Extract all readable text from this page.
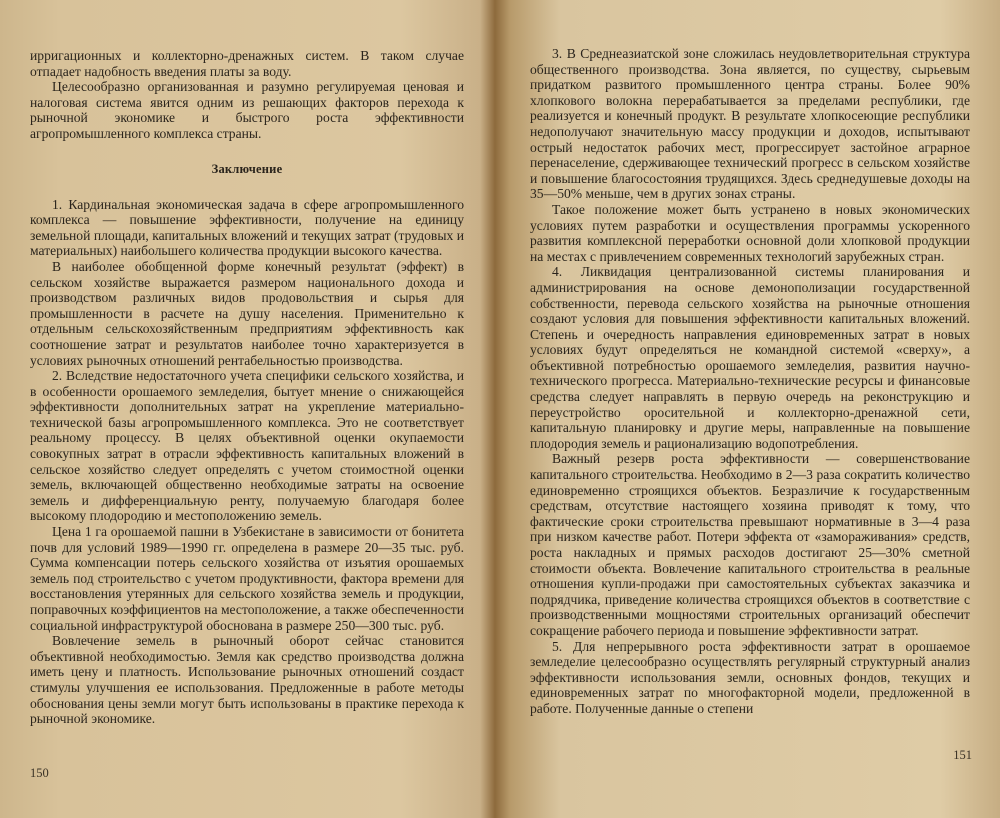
ирригационных и коллекторно-дренажных систем. В таком случае отпадает надобность введения платы за воду.

Целесообразно организованная и разумно регулируемая ценовая и налоговая система явится одним из решающих факторов перехода к рыночной экономике и быстрого роста эффективности агропромышленного комплекса страны.

Заключение

1. Кардинальная экономическая задача в сфере агропромышленного комплекса — повышение эффективности, получение на единицу земельной площади, капитальных вложений и текущих затрат (трудовых и материальных) наибольшего количества продукции высокого качества.

В наиболее обобщенной форме конечный результат (эффект) в сельском хозяйстве выражается размером национального дохода и производством различных видов продовольствия и сырья для промышленности в расчете на душу населения. Применительно к отдельным сельскохозяйственным предприятиям эффективность как соотношение затрат и результатов наиболее точно характеризуется в условиях рыночных отношений рентабельностью производства.

2. Вследствие недостаточного учета специфики сельского хозяйства, и в особенности орошаемого земледелия, бытует мнение о снижающейся эффективности дополнительных затрат на укрепление материально-технической базы агропромышленного комплекса. Это не соответствует реальному процессу. В целях объективной оценки окупаемости совокупных затрат в отрасли эффективность капитальных вложений в сельское хозяйство следует определять с учетом стоимостной оценки земель, включающей общественно необходимые затраты на освоение земель и дифференциальную ренту, получаемую благодаря более высокому плодородию и местоположению земель.

Цена 1 га орошаемой пашни в Узбекистане в зависимости от бонитета почв для условий 1989—1990 гг. определена в размере 20—35 тыс. руб. Сумма компенсации потерь сельского хозяйства от изъятия орошаемых земель под строительство с учетом продуктивности, фактора времени для восстановления утерянных для сельского хозяйства земель и продукции, поправочных коэффициентов на местоположение, а также обеспеченности социальной инфраструктурой обоснована в размере 250—300 тыс. руб.

Вовлечение земель в рыночный оборот сейчас становится объективной необходимостью. Земля как средство производства должна иметь цену и платность. Использование рыночных отношений создаст стимулы улучшения ее использования. Предложенные в работе методы обоснования цены земли могут быть использованы в практике перехода к рыночной экономике.

150

3. В Среднеазиатской зоне сложилась неудовлетворительная структура общественного производства. Зона является, по существу, сырьевым придатком развитого промышленного центра страны. Более 90% хлопкового волокна перерабатывается за пределами республики, где реализуется и конечный продукт. В результате хлопкосеющие республики недополучают значительную массу продукции и доходов, испытывают острый недостаток рабочих мест, прогрессирует застойное аграрное перенаселение, сдерживающее технический прогресс в сельском хозяйстве и повышение благосостояния трудящихся. Здесь среднедушевые доходы на 35—50% меньше, чем в других зонах страны.

Такое положение может быть устранено в новых экономических условиях путем разработки и осуществления программы ускоренного развития комплексной переработки основной доли хлопковой продукции на местах с привлечением современных технологий зарубежных стран.

4. Ликвидация централизованной системы планирования и администрирования на основе демонополизации государственной собственности, перевода сельского хозяйства на рыночные отношения создают условия для повышения эффективности капитальных вложений. Степень и очередность направления единовременных затрат в новых условиях будут определяться не командной системой «сверху», а объективной потребностью орошаемого земледелия, развития научно-технического прогресса. Материально-технические ресурсы и финансовые средства следует направлять в первую очередь на реконструкцию и переустройство оросительной и коллекторно-дренажной сети, капитальную планировку и другие меры, направленные на повышение плодородия земель и рационализацию водопотребления.

Важный резерв роста эффективности — совершенствование капитального строительства. Необходимо в 2—3 раза сократить количество единовременно строящихся объектов. Безразличие к государственным средствам, отсутствие настоящего хозяина приводят к тому, что фактические сроки строительства превышают нормативные в 3—4 раза при низком качестве работ. Потери эффекта от «замораживания» средств, роста накладных и прямых расходов достигают 25—30% сметной стоимости объекта. Вовлечение капитального строительства в реальные отношения купли-продажи при самостоятельных субъектах заказчика и подрядчика, приведение количества строящихся объектов в соответствие с производственными мощностями строительных организаций обеспечит сокращение рабочего периода и повышение эффективности затрат.

5. Для непрерывного роста эффективности затрат в орошаемое земледелие целесообразно осуществлять регулярный структурный анализ эффективности использования земли, основных фондов, текущих и единовременных затрат по многофакторной модели, предложенной в работе. Полученные данные о степени

151
